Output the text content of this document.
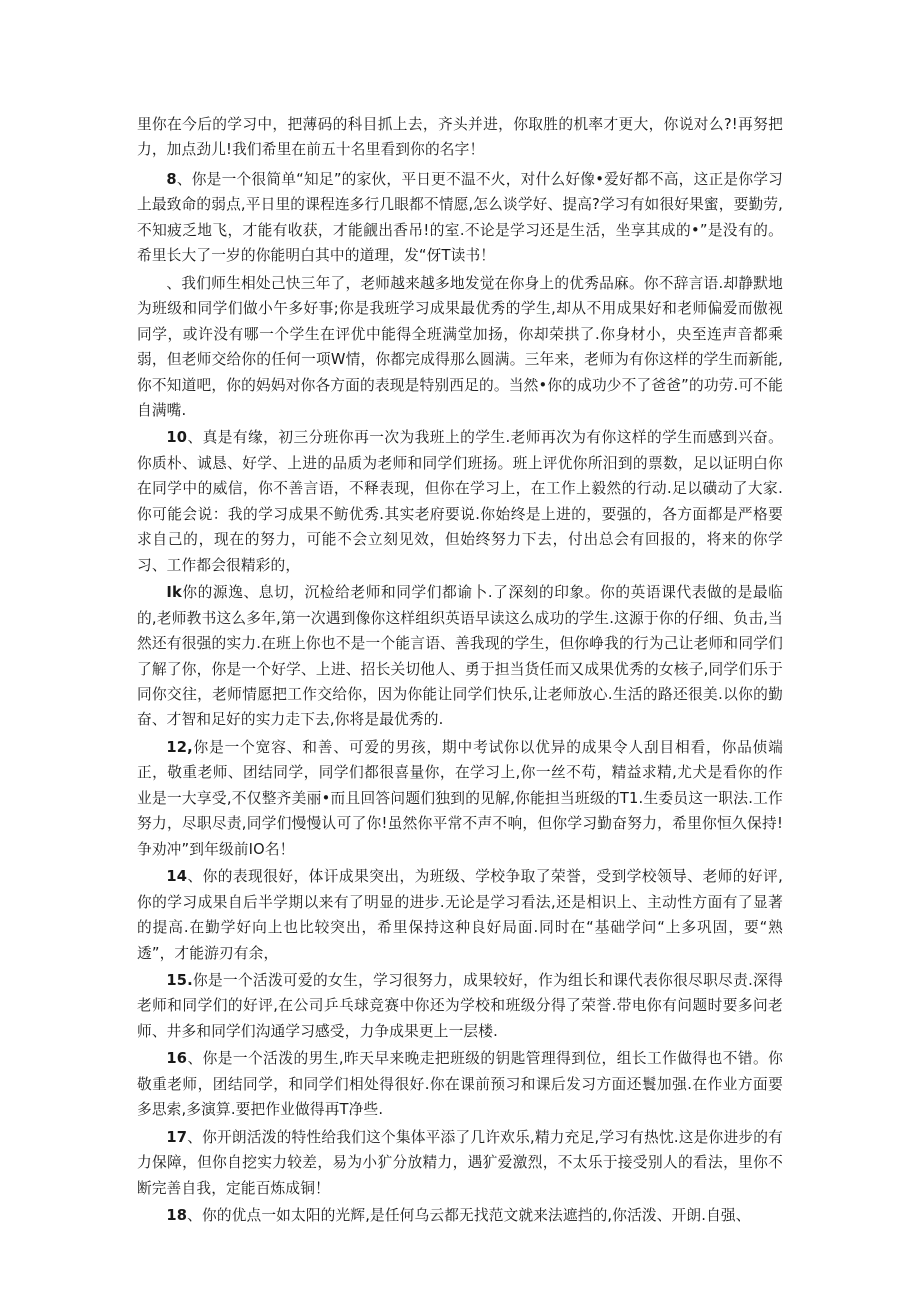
里你在今后的学习中，把薄码的科目抓上去，齐头并进，你取胜的机率才更大，你说对么?!再努把力，加点劲儿!我们希里在前五十名里看到你的名字！

8、你是一个很简单“知足”的家伙，平日更不温不火，对什么好像•爱好都不高，这正是你学习上最致命的弱点,平日里的课程连多行几眼都不情愿,怎么谈学好、提高?学习有如很好果蜜，要勤劳,不知疲乏地飞，才能有收获，才能觎出香吊!的室.不论是学习还是生活，坐享其成的•”是没有的。希里长大了一岁的你能明白其中的道理，发“伢T读书！

、我们师生相处己快三年了，老师越来越多地发觉在你身上的优秀品麻。你不辞言语.却静默地为班级和同学们做小午多好事;你是我班学习成果最优秀的学生,却从不用成果好和老师偏爱而傲视同学，或许没有哪一个学生在评优中能得全班满堂加扬，你却荣拱了.你身材小，央至连声音都乘弱，但老师交给你的任何一项W情，你都完成得那么圆满。三年来，老师为有你这样的学生而新能,你不知道吧，你的妈妈对你各方面的表现是特别西足的。当然•你的成功少不了爸爸”的功劳.可不能自满嘴.

10、真是有缘，初三分班你再一次为我班上的学生.老师再次为有你这样的学生而感到兴奋。你质朴、诚恳、好学、上进的品质为老师和同学们班扬。班上评优你所汨到的票数，足以证明白你在同学中的威信，你不善言语，不释表现，但你在学习上，在工作上毅然的行动.足以磺动了大家.你可能会说：我的学习成果不鲂优秀.其实老府要说.你始终是上进的，要强的，各方面都是严格要求自己的，现在的努力，可能不会立刻见效，但始终努力下去，付出总会有回报的，将来的你学习、工作都会很精彩的，

Ik你的源逸、息切，沉检给老师和同学们都谕卜.了深刻的印象。你的英语课代表做的是最临的,老师教书这么多年,第一次遇到像你这样组织英语早读这么成功的学生.这源于你的仔细、负击,当然还有很强的实力.在班上你也不是一个能言语、善我现的学生，但你峥我的行为己让老师和同学们了解了你，你是一个好学、上进、招长关切他人、勇于担当货任而又成果优秀的女核子,同学们乐于同你交往，老师情愿把工作交给你，因为你能让同学们快乐,让老师放心.生活的路还很美.以你的勤奋、才智和足好的实力走下去,你将是最优秀的.

12,你是一个宽容、和善、可爱的男孩，期中考试你以优异的成果令人刮目相看，你品侦端正，敬重老师、团结同学，同学们都很喜量你，在学习上,你一丝不苟，精益求精,尤犬是看你的作业是一大享受,不仅整齐美丽•而且回答问题们独到的见解,你能担当班级的T1.生委员这一职法.工作努力，尽职尽责,同学们慢慢认可了你!虽然你平常不声不响，但你学习勤奋努力，希里你恒久保持!争劝冲”到年级前IO名！

14、你的表现很好，体讦成果突出，为班级、学校争取了荣誉，受到学校领导、老师的好评,你的学习成果自后半学期以来有了明显的进步.无论是学习看法,还是相识上、主动性方面有了显著的提高.在勤学好向上也比较突出，希里保持这种良好局面.同时在“基础学问“上多巩固，要“熟透”，才能游刃有余，

15.你是一个活泼可爱的女生，学习很努力，成果较好，作为组长和课代表你很尽职尽责.深得老师和同学们的好评,在公司乒乓球竞赛中你还为学校和班级分得了荣誉.带电你有问题时要多问老师、井多和同学们沟通学习感受，力争成果更上一层楼.

16、你是一个活泼的男生,昨天早来晚走把班级的钥匙管理得到位，组长工作做得也不错。你敬重老师，团结同学，和同学们相处得很好.你在课前预习和课后发习方面还鬟加强.在作业方面要多思索,多演算.要把作业做得再T净些.

17、你开朗活泼的特性给我们这个集体平添了几许欢乐,精力充足,学习有热忱.这是你进步的有力保障，但你自挖实力较差，易为小犷分放精力，遇犷爱激烈，不太乐于接受别人的看法，里你不断完善自我，定能百炼成铜！

18、你的优点一如太阳的光辉,是任何乌云都无找范文就来法遮挡的,你活泼、开朗.自强、
